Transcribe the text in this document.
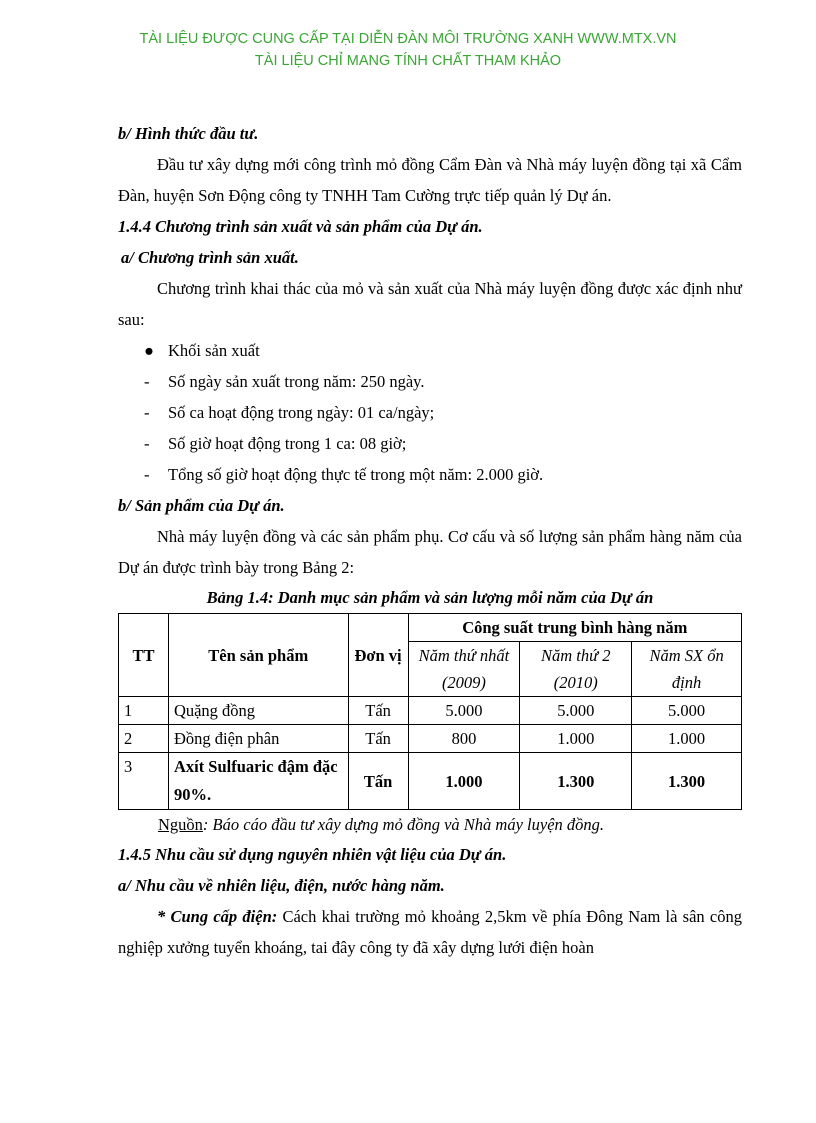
TÀI LIỆU ĐƯỢC CUNG CẤP TẠI DIỄN ĐÀN MÔI TRƯỜNG XANH WWW.MTX.VN
TÀI LIỆU CHỈ MANG TÍNH CHẤT THAM KHẢO

b/ Hình thức đầu tư.

Đầu tư xây dựng mới công trình mỏ đồng Cẩm Đàn và Nhà máy luyện đồng tại xã Cẩm Đàn, huyện Sơn Động công ty TNHH Tam Cường trực tiếp quản lý Dự án.

1.4.4 Chương trình sản xuất và sản phẩm của Dự án.

a/ Chương trình sản xuất.

Chương trình khai thác của mỏ và sản xuất của Nhà máy luyện đồng được xác định như sau:

● Khối sản xuất

- Số ngày sản xuất trong năm: 250 ngày.

- Số ca hoạt động trong ngày: 01 ca/ngày;

- Số giờ hoạt động trong 1 ca: 08 giờ;

- Tổng số giờ hoạt động thực tế trong một năm: 2.000 giờ.

b/ Sản phẩm của Dự án.

Nhà máy luyện đồng và các sản phẩm phụ. Cơ cấu và số lượng sản phẩm hàng năm của Dự án được trình bày trong Bảng 2:

Bảng 1.4: Danh mục sản phẩm và sản lượng mỗi năm của Dự án

TT	Tên sản phẩm	Đơn vị	Công suất trung bình hàng năm		
			Năm thứ nhất (2009)	Năm thứ 2 (2010)	Năm SX ổn định
1	Quặng đồng	Tấn	5.000	5.000	5.000
2	Đồng điện phân	Tấn	800	1.000	1.000
3	Axít Sulfuaric đậm đặc 90%.	Tấn	1.000	1.300	1.300

Nguồn: Báo cáo đầu tư xây dựng mỏ đồng và Nhà máy luyện đồng.

1.4.5 Nhu cầu sử dụng nguyên nhiên vật liệu của Dự án.

a/ Nhu cầu về nhiên liệu, điện, nước hàng năm.

* Cung cấp điện: Cách khai trường mỏ khoảng 2,5km về phía Đông Nam là sân công nghiệp xưởng tuyển khoáng, tai đây công ty đã xây dựng lưới điện hoàn
